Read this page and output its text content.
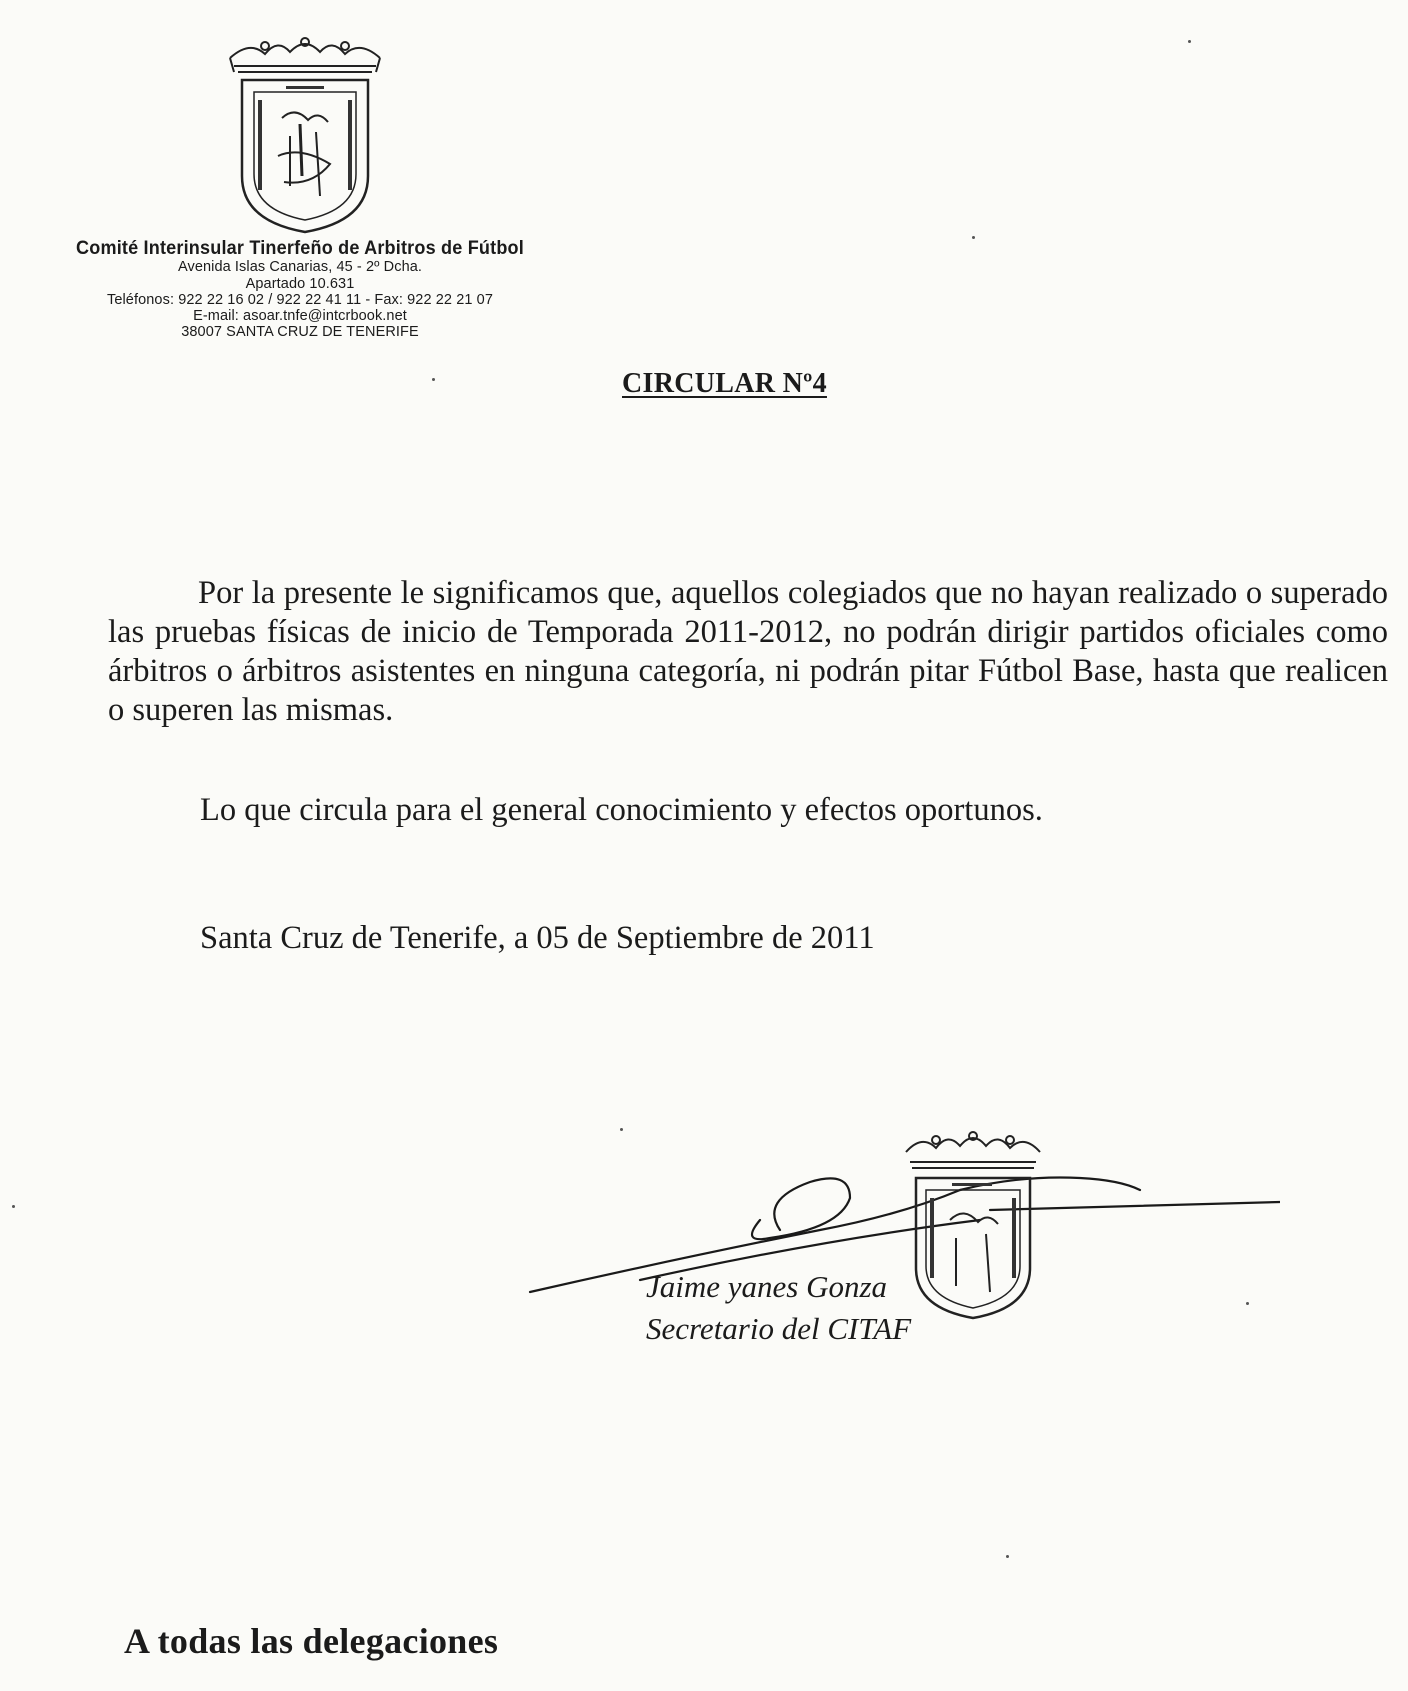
Comité Interinsular Tinerfeño de Arbitros de Fútbol
Avenida Islas Canarias, 45 - 2º Dcha.
Apartado 10.631
Teléfonos: 922 22 16 02 / 922 22 41 11 - Fax: 922 22 21 07
E-mail: asoar.tnfe@intcrbook.net
38007 SANTA CRUZ DE TENERIFE
CIRCULAR Nº4

Por la presente le significamos que, aquellos colegiados que no hayan realizado o superado las pruebas físicas de inicio de Temporada 2011-2012, no podrán dirigir partidos oficiales como árbitros o árbitros asistentes en ninguna categoría, ni podrán pitar Fútbol Base, hasta que realicen o superen las mismas.

Lo que circula para el general conocimiento y efectos oportunos.

Santa Cruz de Tenerife, a 05 de Septiembre de 2011

Jaime yanes Gonza
Secretario del CITAF
A todas las delegaciones
